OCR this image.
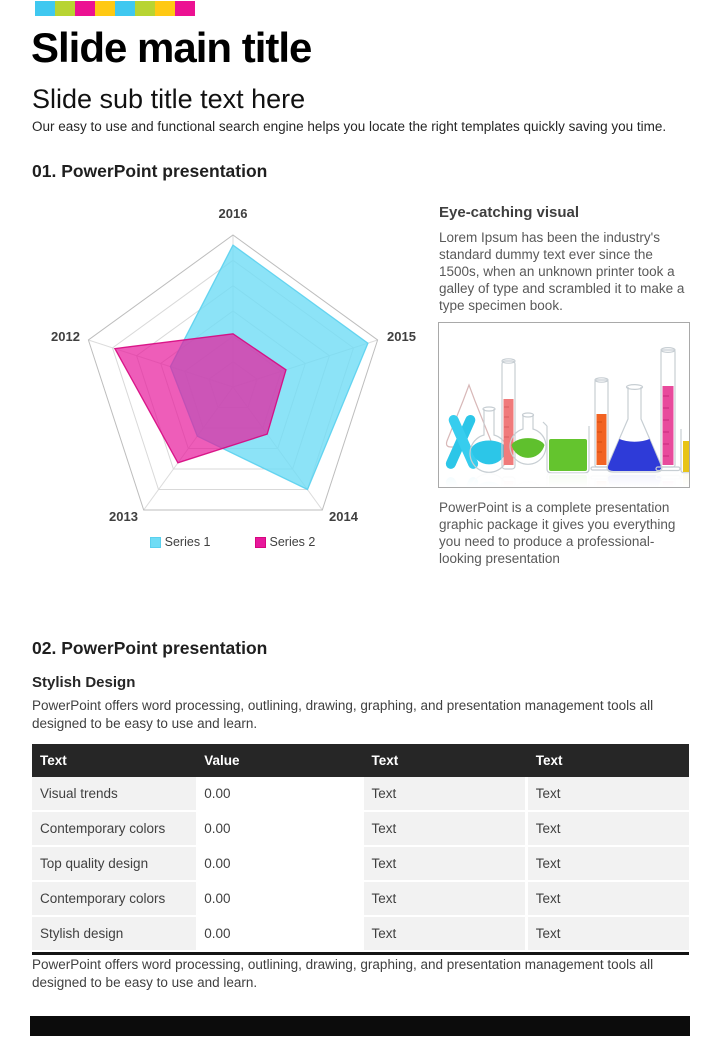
Slide main title
Slide sub title text here
Our easy to use and functional search engine helps you locate the right templates quickly saving you time.
01. PowerPoint presentation
2016
2015
2014
2013
2012
Series 1	Series 2
Eye-catching visual
Lorem Ipsum has been the industry's standard dummy text ever since the 1500s, when an unknown printer took a galley of type and scrambled it to make a type specimen book.
PowerPoint is a complete presentation graphic package it gives you everything you need to produce a professional-looking presentation
02. PowerPoint presentation
Stylish Design
PowerPoint offers word processing, outlining, drawing, graphing, and presentation management tools all designed to be easy to use and learn.
Text	Value	Text	Text
Visual trends	0.00	Text	Text
Contemporary colors	0.00	Text	Text
Top quality design	0.00	Text	Text
Contemporary colors	0.00	Text	Text
Stylish design	0.00	Text	Text
PowerPoint offers word processing, outlining, drawing, graphing, and presentation management tools all designed to be easy to use and learn.
